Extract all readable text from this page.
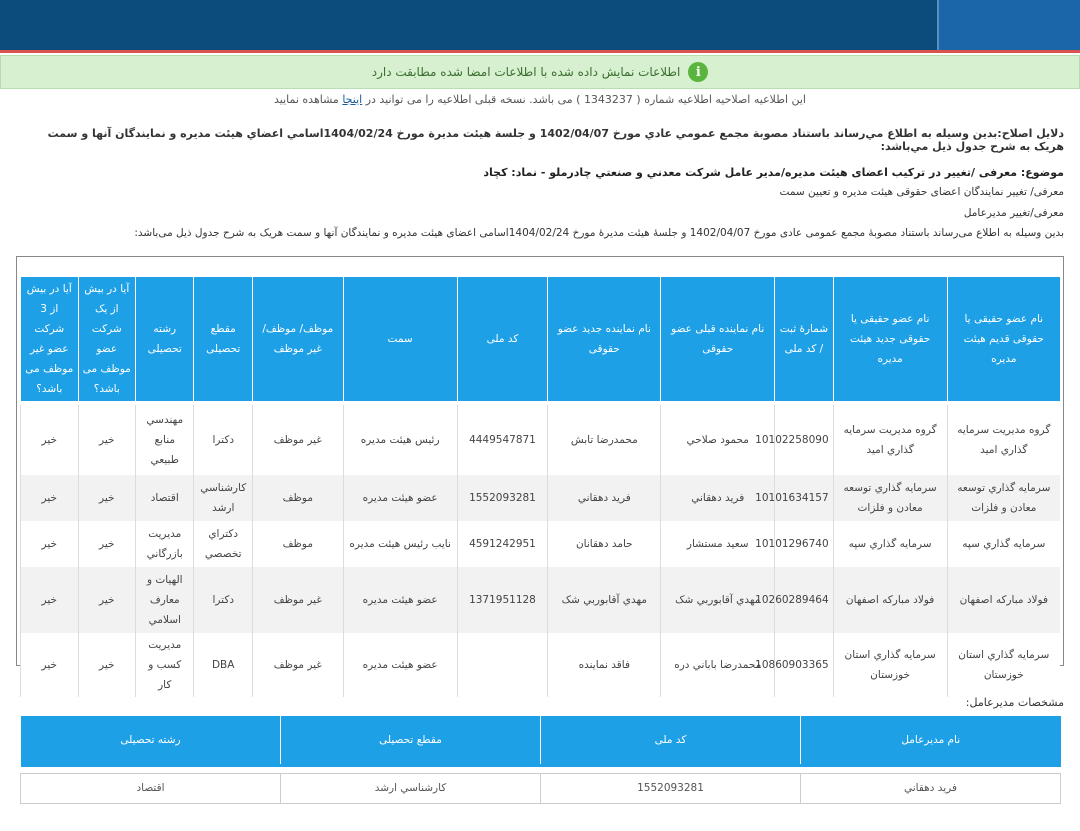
i
اطلاعات نمایش داده شده با اطلاعات امضا شده مطابقت دارد
این اطلاعیه اصلاحیه اطلاعیه شماره ( 1343237 ) می باشد. نسخه قبلی اطلاعیه را می توانید در اینجا مشاهده نمایید
دلایل اصلاح:بدين وسيله به اطلاع مي‌رساند باستناد مصوبة مجمع عمومي عادي مورخ 1402/04/07 و جلسة هيئت مديرة مورخ 1404/02/24اسامي اعضاي هيئت مديره و نمايندگان آنها و سمت هريک به شرح جدول ذيل مي‌باشد:
موضوع: معرفی /تغییر در ترکیب اعضای هیئت مدیره/مدیر عامل شرکت معدني و صنعتي چادرملو - نماد: کچاد
معرفی/ تغییر نمایندگان اعضای حقوقی هیئت مدیره و تعیین سمت
معرفی/تغییر مدیرعامل
بدین وسیله به اطلاع می‌رساند باستناد مصوبهٔ مجمع عمومی عادی مورخ 1402/04/07 و جلسهٔ هیئت مدیرهٔ مورخ 1404/02/24اسامی اعضای هیئت مدیره و نمایندگان آنها و سمت هریک به شرح جدول ذیل می‌باشد:
نام عضو حقیقی یا حقوقی قدیم هیئت مدیره	نام عضو حقیقی یا حقوقی جدید هیئت مدیره	شمارهٔ ثبت / کد ملی	نام نماینده قبلی عضو حقوقی	نام نماینده جدید عضو حقوقی	کد ملی	سمت	موظف/ موظف/غیر موظف	مقطع تحصیلی	رشته تحصیلی	آیا در بیش از یک شرکت عضو موظف می باشد؟	آیا در بیش از 3 شرکت عضو غیر موظف می باشد؟

گروه مديريت سرمايه گذاري اميد	گروه مديريت سرمايه گذاري اميد	10102258090	محمود صلاحي	محمدرضا تابش	4449547871	رئيس هيئت مديره	غیر موظف	دکترا	مهندسي منابع طبيعي	خیر	خیر
سرمايه گذاري توسعه معادن و فلزات	سرمايه گذاري توسعه معادن و فلزات	10101634157	فريد دهقاني	فريد دهقاني	1552093281	عضو هيئت مديره	موظف	کارشناسي ارشد	اقتصاد	خیر	خیر
سرمايه گذاري سپه	سرمايه گذاري سپه	10101296740	سعيد مستشار	حامد دهقانان	4591242951	نايب رئيس هيئت مديره	موظف	دکتراي تخصصي	مديريت بازرگاني	خیر	خیر
فولاد مبارکه اصفهان	فولاد مبارکه اصفهان	10260289464	مهدي آقابوربي شک	مهدي آقابوربي شک	1371951128	عضو هيئت مديره	غیر موظف	دکترا	الهيات و معارف اسلامي	خیر	خیر
سرمايه گذاري استان خوزستان	سرمايه گذاري استان خوزستان	10860903365	محمدرضا باباني دره	فاقد نماينده		عضو هيئت مديره	غیر موظف	DBA	مديريت کسب و کار	خیر	خیر
مشخصات مدیرعامل:
نام مدیرعامل	کد ملی	مقطع تحصیلی	رشته تحصیلی

فريد دهقاني	1552093281	کارشناسي ارشد	اقتصاد
